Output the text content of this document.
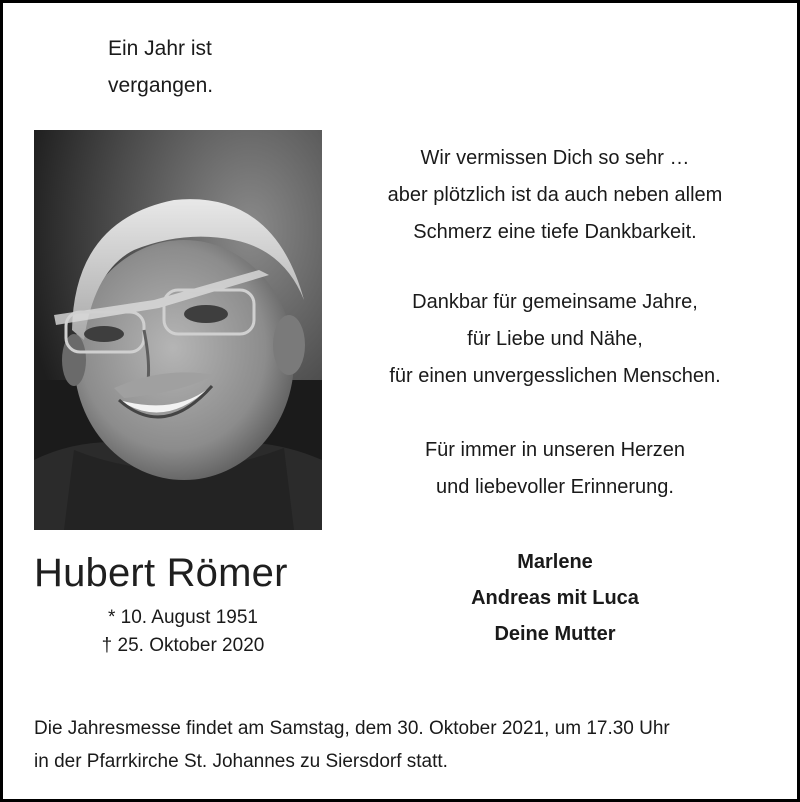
Ein Jahr ist
vergangen.
Hubert Römer
* 10. August 1951
† 25. Oktober 2020
Wir vermissen Dich so sehr …
aber plötzlich ist da auch neben allem
Schmerz eine tiefe Dankbarkeit.
Dankbar für gemeinsame Jahre,
für Liebe und Nähe,
für einen unvergesslichen Menschen.
Für immer in unseren Herzen
und liebevoller Erinnerung.
Marlene
Andreas mit Luca
Deine Mutter
Die Jahresmesse findet am Samstag, dem 30. Oktober 2021, um 17.30 Uhr
in der Pfarrkirche St. Johannes zu Siersdorf statt.
